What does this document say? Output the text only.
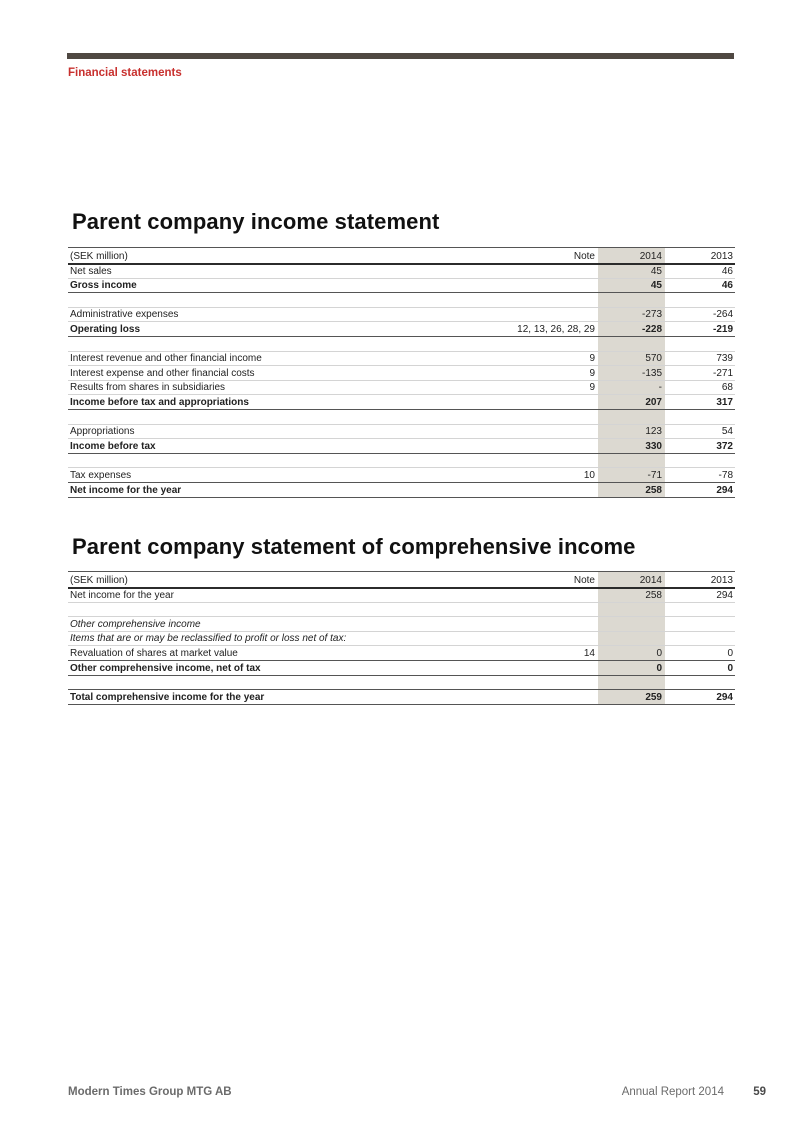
Financial statements
Parent company income statement
(SEK million)	Note	2014	2013
Net sales		45	46
Gross income		45	46

Administrative expenses		-273	-264
Operating loss	12, 13, 26, 28, 29	-228	-219

Interest revenue and other financial income	9	570	739
Interest expense and other financial costs	9	-135	-271
Results from shares in subsidiaries	9	-	68
Income before tax and appropriations		207	317

Appropriations		123	54
Income before tax		330	372

Tax expenses	10	-71	-78
Net income for the year		258	294
Parent company statement of comprehensive income
(SEK million)	Note	2014	2013
Net income for the year		258	294

Other comprehensive income			
Items that are or may be reclassified to profit or loss net of tax:			
Revaluation of shares at market value	14	0	0
Other comprehensive income, net of tax		0	0

Total comprehensive income for the year		259	294
Modern Times Group MTG AB	Annual Report 2014	59
